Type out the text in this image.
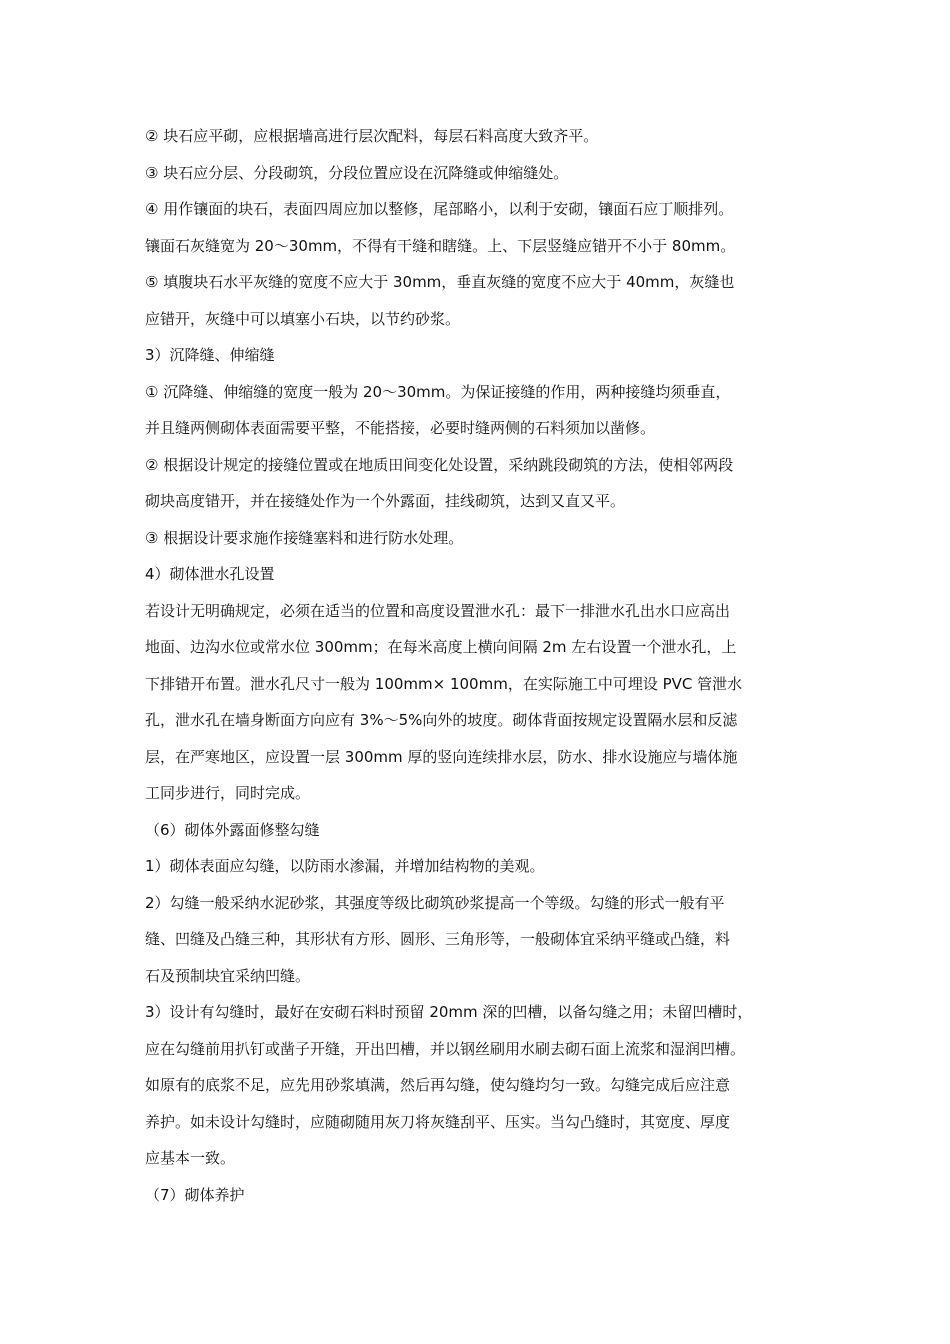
② 块石应平砌，应根据墙高进行层次配料，每层石料高度大致齐平。
③ 块石应分层、分段砌筑，分段位置应设在沉降缝或伸缩缝处。
④ 用作镶面的块石，表面四周应加以整修，尾部略小，以利于安砌，镶面石应丁顺排列。
镶面石灰缝宽为 20～30mm，不得有干缝和瞎缝。上、下层竖缝应错开不小于 80mm。
⑤ 填腹块石水平灰缝的宽度不应大于 30mm，垂直灰缝的宽度不应大于 40mm，灰缝也
应错开，灰缝中可以填塞小石块，以节约砂浆。
3）沉降缝、伸缩缝
① 沉降缝、伸缩缝的宽度一般为 20～30mm。为保证接缝的作用，两种接缝均须垂直，
并且缝两侧砌体表面需要平整，不能搭接，必要时缝两侧的石料须加以凿修。
② 根据设计规定的接缝位置或在地质田间变化处设置，采纳跳段砌筑的方法，使相邻两段
砌块高度错开，并在接缝处作为一个外露面，挂线砌筑，达到又直又平。
③ 根据设计要求施作接缝塞料和进行防水处理。
4）砌体泄水孔设置
若设计无明确规定，必须在适当的位置和高度设置泄水孔：最下一排泄水孔出水口应高出
地面、边沟水位或常水位 300mm；在每米高度上横向间隔 2m 左右设置一个泄水孔，上
下排错开布置。泄水孔尺寸一般为 100mm× 100mm，在实际施工中可埋设 PVC 管泄水
孔，泄水孔在墙身断面方向应有 3%～5%向外的坡度。砌体背面按规定设置隔水层和反滤
层，在严寒地区，应设置一层 300mm 厚的竖向连续排水层，防水、排水设施应与墙体施
工同步进行，同时完成。
（6）砌体外露面修整勾缝
1）砌体表面应勾缝，以防雨水渗漏，并增加结构物的美观。
2）勾缝一般采纳水泥砂浆，其强度等级比砌筑砂浆提高一个等级。勾缝的形式一般有平
缝、凹缝及凸缝三种，其形状有方形、圆形、三角形等，一般砌体宜采纳平缝或凸缝，料
石及预制块宜采纳凹缝。
3）设计有勾缝时，最好在安砌石料时预留 20mm 深的凹槽，以备勾缝之用；未留凹槽时，
应在勾缝前用扒钉或凿子开缝，开出凹槽，并以钢丝刷用水刷去砌石面上流浆和湿润凹槽。
如原有的底浆不足，应先用砂浆填满，然后再勾缝，使勾缝均匀一致。勾缝完成后应注意
养护。如未设计勾缝时，应随砌随用灰刀将灰缝刮平、压实。当勾凸缝时，其宽度、厚度
应基本一致。
（7）砌体养护
